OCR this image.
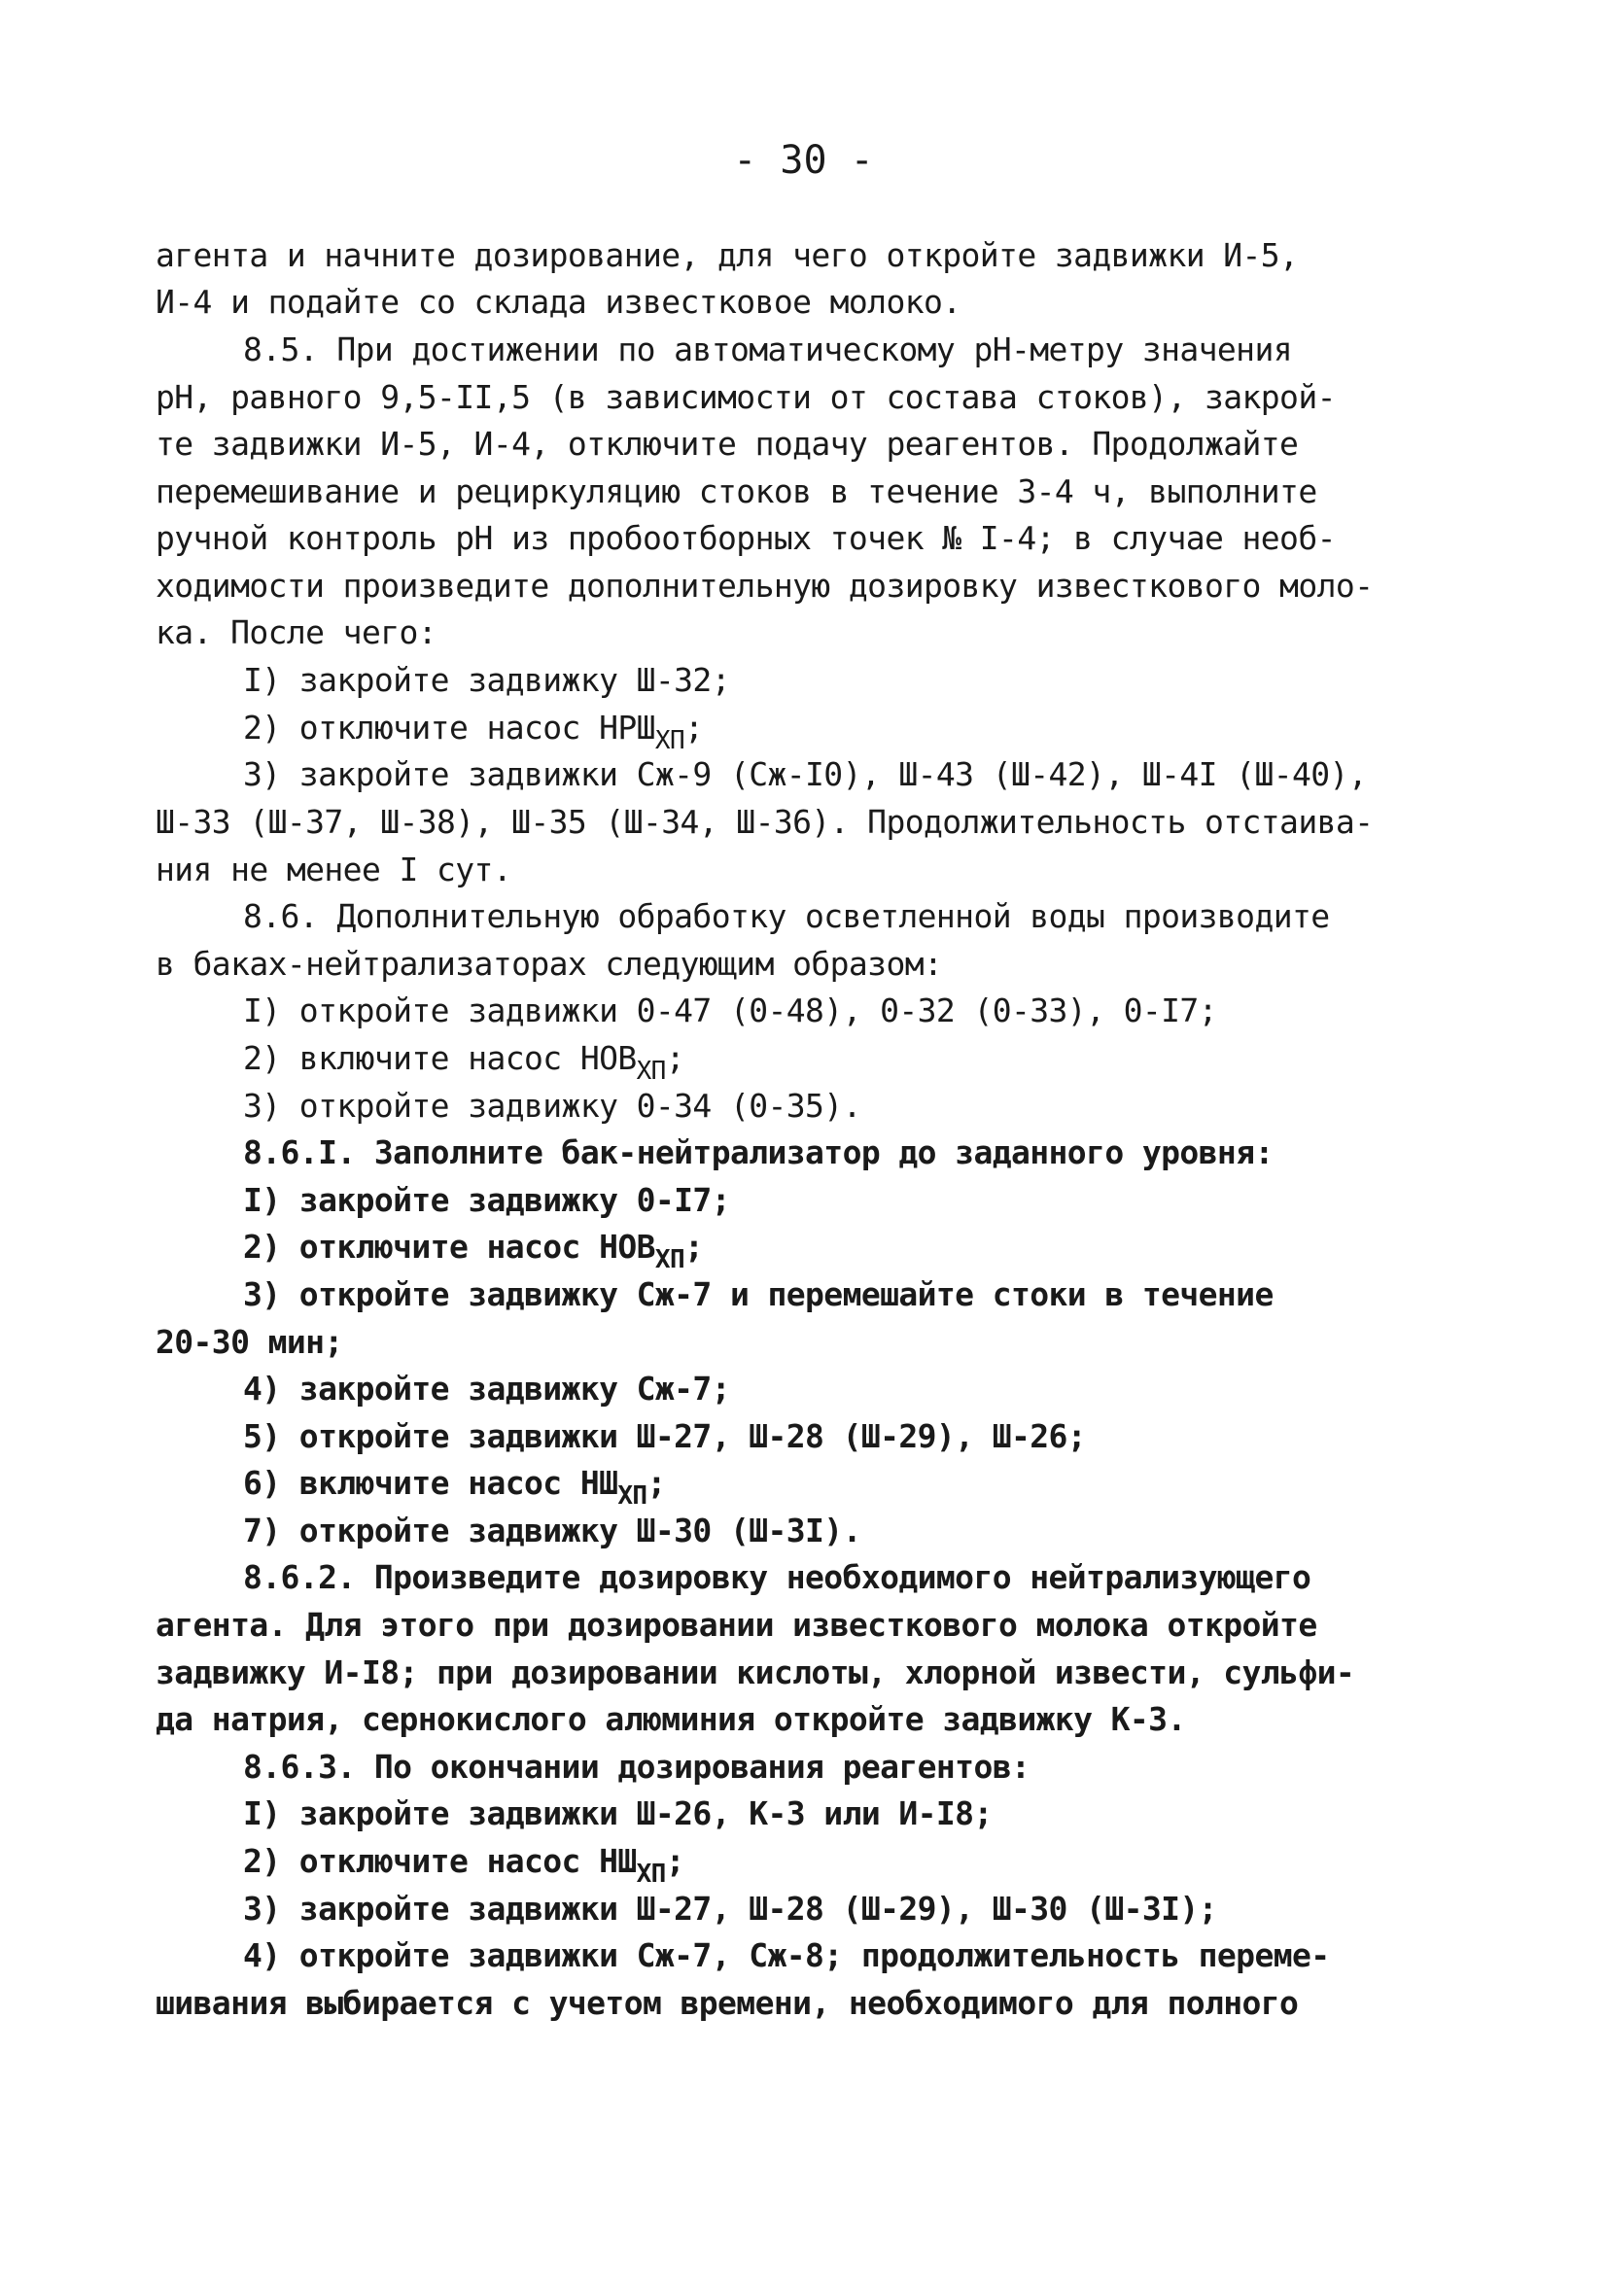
- 30 -
агента и начните дозирование, для чего откройте задвижки И-5,
И-4 и подайте со склада известковое молоко.
8.5. При достижении по автоматическому рН-метру значения
рН, равного 9,5-II,5 (в зависимости от состава стоков), закрой-
те задвижки И-5, И-4, отключите подачу реагентов. Продолжайте
перемешивание и рециркуляцию стоков в течение 3-4 ч, выполните
ручной контроль рН из пробоотборных точек № I-4; в случае необ-
ходимости произведите дополнительную дозировку известкового моло-
ка. После чего:
I) закройте задвижку Ш-32;
2) отключите насос $НРШ_{ХП}$;
3) закройте задвижки Сж-9 (Сж-I0), Ш-43 (Ш-42), Ш-4I (Ш-40),
Ш-33 (Ш-37, Ш-38), Ш-35 (Ш-34, Ш-36). Продолжительность отстаива-
ния не менее I сут.
8.6. Дополнительную обработку осветленной воды производите
в баках-нейтрализаторах следующим образом:
I) откройте задвижки 0-47 (0-48), 0-32 (0-33), 0-I7;
2) включите насос $НОВ_{ХП}$;
3) откройте задвижку 0-34 (0-35).
8.6.I. Заполните бак-нейтрализатор до заданного уровня:
I) закройте задвижку 0-I7;
2) отключите насос $НОВ_{ХП}$;
3) откройте задвижку Сж-7 и перемешайте стоки в течение
20-30 мин;
4) закройте задвижку Сж-7;
5) откройте задвижки Ш-27, Ш-28 (Ш-29), Ш-26;
6) включите насос $НШ_{ХП}$;
7) откройте задвижку Ш-30 (Ш-3I).
8.6.2. Произведите дозировку необходимого нейтрализующего
агента. Для этого при дозировании известкового молока откройте
задвижку И-I8; при дозировании кислоты, хлорной извести, сульфи-
да натрия, сернокислого алюминия откройте задвижку К-3.
8.6.3. По окончании дозирования реагентов:
I) закройте задвижки Ш-26, К-3 или И-I8;
2) отключите насос $НШ_{ХП}$;
3) закройте задвижки Ш-27, Ш-28 (Ш-29), Ш-30 (Ш-3I);
4) откройте задвижки Сж-7, Сж-8; продолжительность переме-
шивания выбирается с учетом времени, необходимого для полного
